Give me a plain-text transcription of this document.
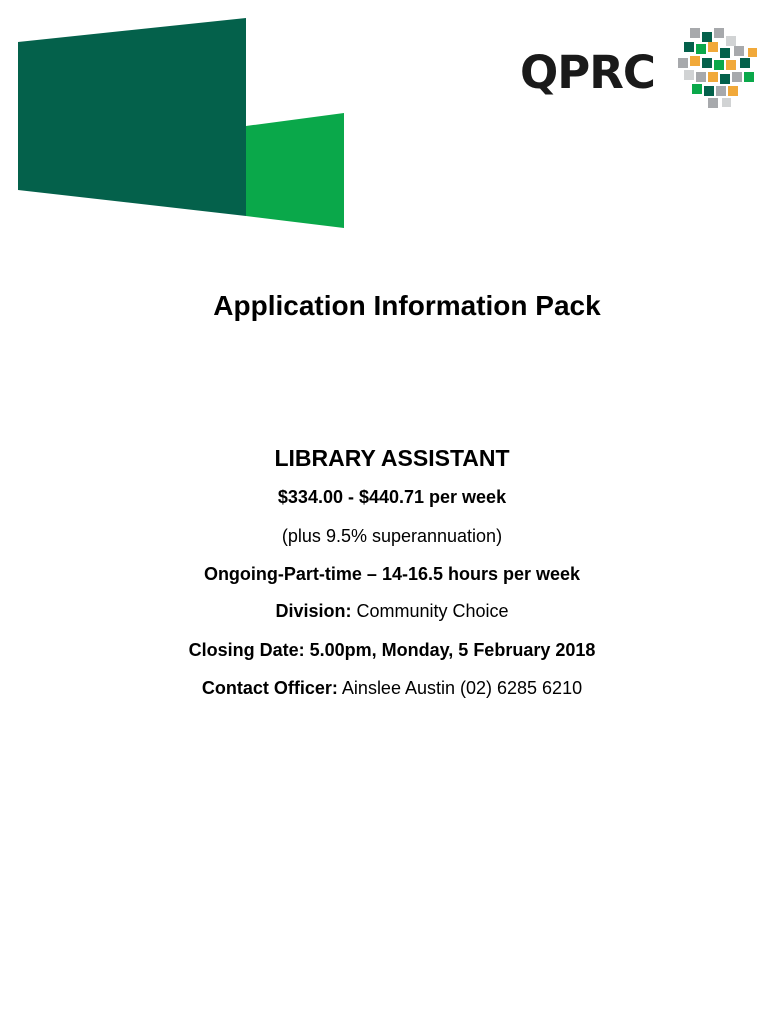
QPRC
Application Information Pack

LIBRARY ASSISTANT

$334.00 - $440.71 per week

(plus 9.5% superannuation)

Ongoing-Part-time – 14-16.5 hours per week

Division: Community Choice

Closing Date: 5.00pm, Monday, 5 February 2018

Contact Officer: Ainslee Austin (02) 6285 6210
